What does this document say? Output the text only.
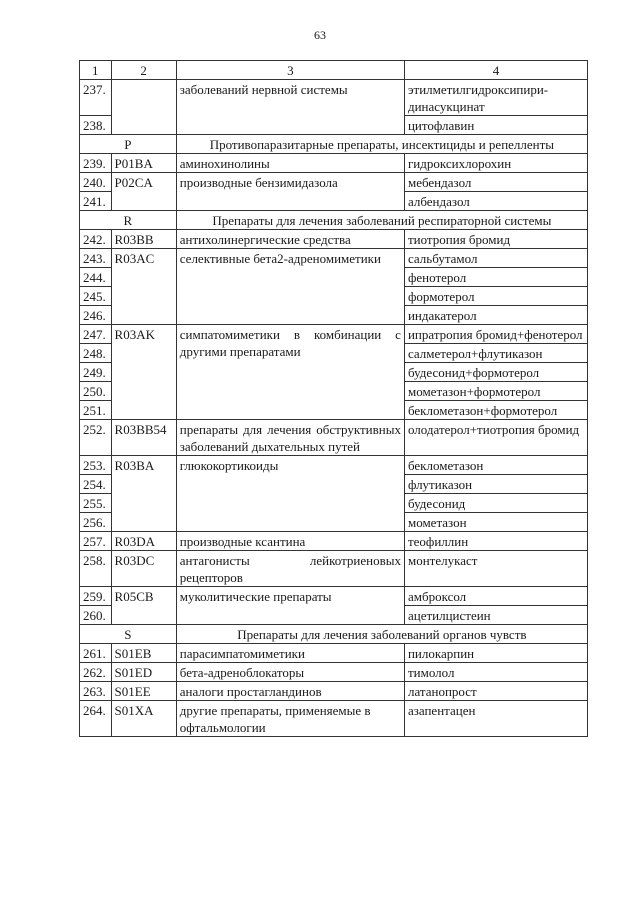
63
1	2	3	4
237.		заболеваний нервной системы	этилметилгидроксипири-динасукцинат
238.			цитофлавин
P		Противопаразитарные препараты, инсектициды и репелленты	
239.	P01BA	аминохинолины	гидроксихлорохин
240.	P02CA	производные бензимидазола	мебендазол
241.			албендазол
R		Препараты для лечения заболеваний респираторной системы	
242.	R03BB	антихолинергические средства	тиотропия бромид
243.	R03AC	селективные бета2-адреномиметики	сальбутамол
244.			фенотерол
245.			формотерол
246.			индакатерол
247.	R03AK	симпатомиметики в комбинации с другими препаратами	ипратропия бромид+фенотерол
248.			салметерол+флутиказон
249.			будесонид+формотерол
250.			мометазон+формотерол
251.			беклометазон+формотерол
252.	R03BB54	препараты для лечения обструктивных заболеваний дыхательных путей	олодатерол+тиотропия бромид
253.	R03BA	глюкокортикоиды	беклометазон
254.			флутиказон
255.			будесонид
256.			мометазон
257.	R03DA	производные ксантина	теофиллин
258.	R03DC	антагонисты лейкотриеновых рецепторов	монтелукаст
259.	R05CB	муколитические препараты	амброксол
260.			ацетилцистеин
S		Препараты для лечения заболеваний органов чувств	
261.	S01EB	парасимпатомиметики	пилокарпин
262.	S01ED	бета-адреноблокаторы	тимолол
263.	S01EE	аналоги простагландинов	латанопрост
264.	S01XA	другие препараты, применяемые в офтальмологии	азапентацен
